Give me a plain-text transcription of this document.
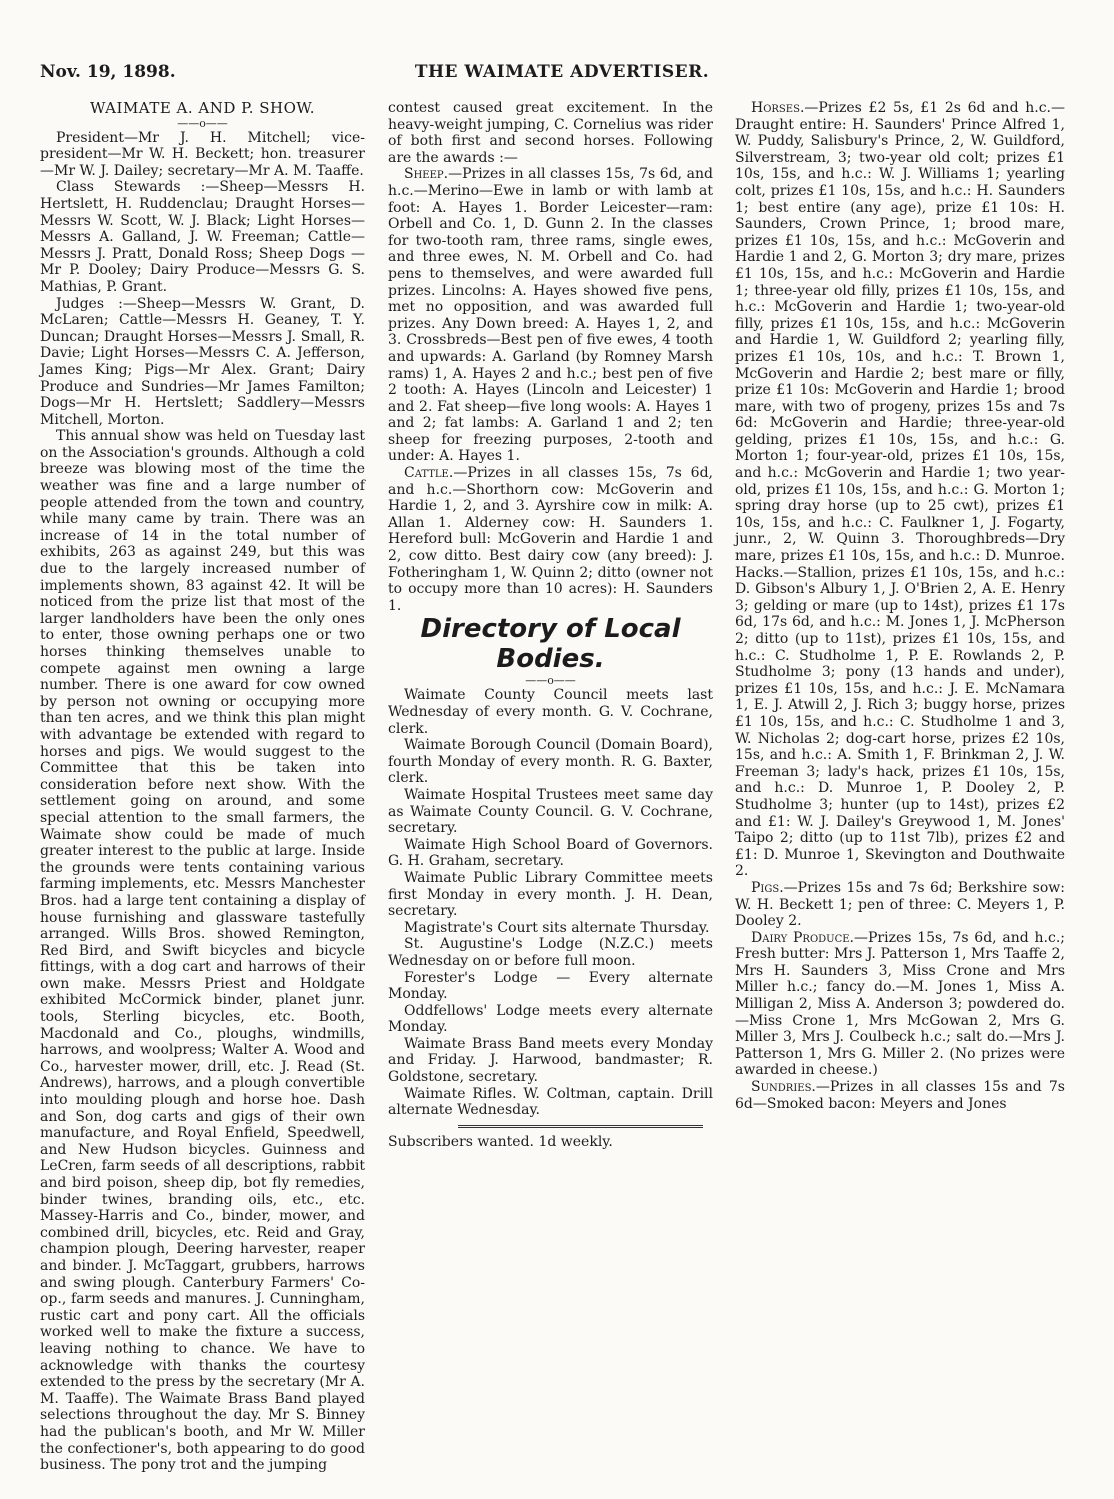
THE WAIMATE ADVERTISER.
Nov. 19, 1898.

WAIMATE A. AND P. SHOW.

——o——

President—Mr J. H. Mitchell; vice-president—Mr W. H. Beckett; hon. treasurer—Mr W. J. Dailey; secretary—Mr A. M. Taaffe.

Class Stewards :—Sheep—Messrs H. Hertslett, H. Ruddenclau; Draught Horses—Messrs W. Scott, W. J. Black; Light Horses—Messrs A. Galland, J. W. Freeman; Cattle—Messrs J. Pratt, Donald Ross; Sheep Dogs — Mr P. Dooley; Dairy Produce—Messrs G. S. Mathias, P. Grant.

Judges :—Sheep—Messrs W. Grant, D. McLaren; Cattle—Messrs H. Geaney, T. Y. Duncan; Draught Horses—Messrs J. Small, R. Davie; Light Horses—Messrs C. A. Jefferson, James King; Pigs—Mr Alex. Grant; Dairy Produce and Sundries—Mr James Familton; Dogs—Mr H. Hertslett; Saddlery—Messrs Mitchell, Morton.

This annual show was held on Tuesday last on the Association's grounds. Although a cold breeze was blowing most of the time the weather was fine and a large number of people attended from the town and country, while many came by train. There was an increase of 14 in the total number of exhibits, 263 as against 249, but this was due to the largely increased number of implements shown, 83 against 42. It will be noticed from the prize list that most of the larger landholders have been the only ones to enter, those owning perhaps one or two horses thinking themselves unable to compete against men owning a large number. There is one award for cow owned by person not owning or occupying more than ten acres, and we think this plan might with advantage be extended with regard to horses and pigs. We would suggest to the Committee that this be taken into consideration before next show. With the settlement going on around, and some special attention to the small farmers, the Waimate show could be made of much greater interest to the public at large. Inside the grounds were tents containing various farming implements, etc. Messrs Manchester Bros. had a large tent containing a display of house furnishing and glassware tastefully arranged. Wills Bros. showed Remington, Red Bird, and Swift bicycles and bicycle fittings, with a dog cart and harrows of their own make. Messrs Priest and Holdgate exhibited McCormick binder, planet junr. tools, Sterling bicycles, etc. Booth, Macdonald and Co., ploughs, windmills, harrows, and woolpress; Walter A. Wood and Co., harvester mower, drill, etc. J. Read (St. Andrews), harrows, and a plough convertible into moulding plough and horse hoe. Dash and Son, dog carts and gigs of their own manufacture, and Royal Enfield, Speedwell, and New Hudson bicycles. Guinness and LeCren, farm seeds of all descriptions, rabbit and bird poison, sheep dip, bot fly remedies, binder twines, branding oils, etc., etc. Massey-Harris and Co., binder, mower, and combined drill, bicycles, etc. Reid and Gray, champion plough, Deering harvester, reaper and binder. J. McTaggart, grubbers, harrows and swing plough. Canterbury Farmers' Co-op., farm seeds and manures. J. Cunningham, rustic cart and pony cart. All the officials worked well to make the fixture a success, leaving nothing to chance. We have to acknowledge with thanks the courtesy extended to the press by the secretary (Mr A. M. Taaffe). The Waimate Brass Band played selections throughout the day. Mr S. Binney had the publican's booth, and Mr W. Miller the confectioner's, both appearing to do good business. The pony trot and the jumping

contest caused great excitement. In the heavy-weight jumping, C. Cornelius was rider of both first and second horses. Following are the awards :—

Sheep.—Prizes in all classes 15s, 7s 6d, and h.c.—Merino—Ewe in lamb or with lamb at foot: A. Hayes 1. Border Leicester—ram: Orbell and Co. 1, D. Gunn 2. In the classes for two-tooth ram, three rams, single ewes, and three ewes, N. M. Orbell and Co. had pens to themselves, and were awarded full prizes. Lincolns: A. Hayes showed five pens, met no opposition, and was awarded full prizes. Any Down breed: A. Hayes 1, 2, and 3. Crossbreds—Best pen of five ewes, 4 tooth and upwards: A. Garland (by Romney Marsh rams) 1, A. Hayes 2 and h.c.; best pen of five 2 tooth: A. Hayes (Lincoln and Leicester) 1 and 2. Fat sheep—five long wools: A. Hayes 1 and 2; fat lambs: A. Garland 1 and 2; ten sheep for freezing purposes, 2-tooth and under: A. Hayes 1.

Cattle.—Prizes in all classes 15s, 7s 6d, and h.c.—Shorthorn cow: McGoverin and Hardie 1, 2, and 3. Ayrshire cow in milk: A. Allan 1. Alderney cow: H. Saunders 1. Hereford bull: McGoverin and Hardie 1 and 2, cow ditto. Best dairy cow (any breed): J. Fotheringham 1, W. Quinn 2; ditto (owner not to occupy more than 10 acres): H. Saunders 1.

Directory of Local Bodies.

——o——

Waimate County Council meets last Wednesday of every month. G. V. Cochrane, clerk.

Waimate Borough Council (Domain Board), fourth Monday of every month. R. G. Baxter, clerk.

Waimate Hospital Trustees meet same day as Waimate County Council. G. V. Cochrane, secretary.

Waimate High School Board of Governors. G. H. Graham, secretary.

Waimate Public Library Committee meets first Monday in every month. J. H. Dean, secretary.

Magistrate's Court sits alternate Thursday.

St. Augustine's Lodge (N.Z.C.) meets Wednesday on or before full moon.

Forester's Lodge — Every alternate Monday.

Oddfellows' Lodge meets every alternate Monday.

Waimate Brass Band meets every Monday and Friday. J. Harwood, bandmaster; R. Goldstone, secretary.

Waimate Rifles. W. Coltman, captain. Drill alternate Wednesday.

Subscribers wanted. 1d weekly.

Horses.—Prizes £2 5s, £1 2s 6d and h.c.—Draught entire: H. Saunders' Prince Alfred 1, W. Puddy, Salisbury's Prince, 2, W. Guildford, Silverstream, 3; two-year old colt; prizes £1 10s, 15s, and h.c.: W. J. Williams 1; yearling colt, prizes £1 10s, 15s, and h.c.: H. Saunders 1; best entire (any age), prize £1 10s: H. Saunders, Crown Prince, 1; brood mare, prizes £1 10s, 15s, and h.c.: McGoverin and Hardie 1 and 2, G. Morton 3; dry mare, prizes £1 10s, 15s, and h.c.: McGoverin and Hardie 1; three-year old filly, prizes £1 10s, 15s, and h.c.: McGoverin and Hardie 1; two-year-old filly, prizes £1 10s, 15s, and h.c.: McGoverin and Hardie 1, W. Guildford 2; yearling filly, prizes £1 10s, 10s, and h.c.: T. Brown 1, McGoverin and Hardie 2; best mare or filly, prize £1 10s: McGoverin and Hardie 1; brood mare, with two of progeny, prizes 15s and 7s 6d: McGoverin and Hardie; three-year-old gelding, prizes £1 10s, 15s, and h.c.: G. Morton 1; four-year-old, prizes £1 10s, 15s, and h.c.: McGoverin and Hardie 1; two year-old, prizes £1 10s, 15s, and h.c.: G. Morton 1; spring dray horse (up to 25 cwt), prizes £1 10s, 15s, and h.c.: C. Faulkner 1, J. Fogarty, junr., 2, W. Quinn 3. Thoroughbreds—Dry mare, prizes £1 10s, 15s, and h.c.: D. Munroe. Hacks.—Stallion, prizes £1 10s, 15s, and h.c.: D. Gibson's Albury 1, J. O'Brien 2, A. E. Henry 3; gelding or mare (up to 14st), prizes £1 17s 6d, 17s 6d, and h.c.: M. Jones 1, J. McPherson 2; ditto (up to 11st), prizes £1 10s, 15s, and h.c.: C. Studholme 1, P. E. Rowlands 2, P. Studholme 3; pony (13 hands and under), prizes £1 10s, 15s, and h.c.: J. E. McNamara 1, E. J. Atwill 2, J. Rich 3; buggy horse, prizes £1 10s, 15s, and h.c.: C. Studholme 1 and 3, W. Nicholas 2; dog-cart horse, prizes £2 10s, 15s, and h.c.: A. Smith 1, F. Brinkman 2, J. W. Freeman 3; lady's hack, prizes £1 10s, 15s, and h.c.: D. Munroe 1, P. Dooley 2, P. Studholme 3; hunter (up to 14st), prizes £2 and £1: W. J. Dailey's Greywood 1, M. Jones' Taipo 2; ditto (up to 11st 7lb), prizes £2 and £1: D. Munroe 1, Skevington and Douthwaite 2.

Pigs.—Prizes 15s and 7s 6d; Berkshire sow: W. H. Beckett 1; pen of three: C. Meyers 1, P. Dooley 2.

Dairy Produce.—Prizes 15s, 7s 6d, and h.c.; Fresh butter: Mrs J. Patterson 1, Mrs Taaffe 2, Mrs H. Saunders 3, Miss Crone and Mrs Miller h.c.; fancy do.—M. Jones 1, Miss A. Milligan 2, Miss A. Anderson 3; powdered do.—Miss Crone 1, Mrs McGowan 2, Mrs G. Miller 3, Mrs J. Coulbeck h.c.; salt do.—Mrs J. Patterson 1, Mrs G. Miller 2. (No prizes were awarded in cheese.)

Sundries.—Prizes in all classes 15s and 7s 6d—Smoked bacon: Meyers and Jones
